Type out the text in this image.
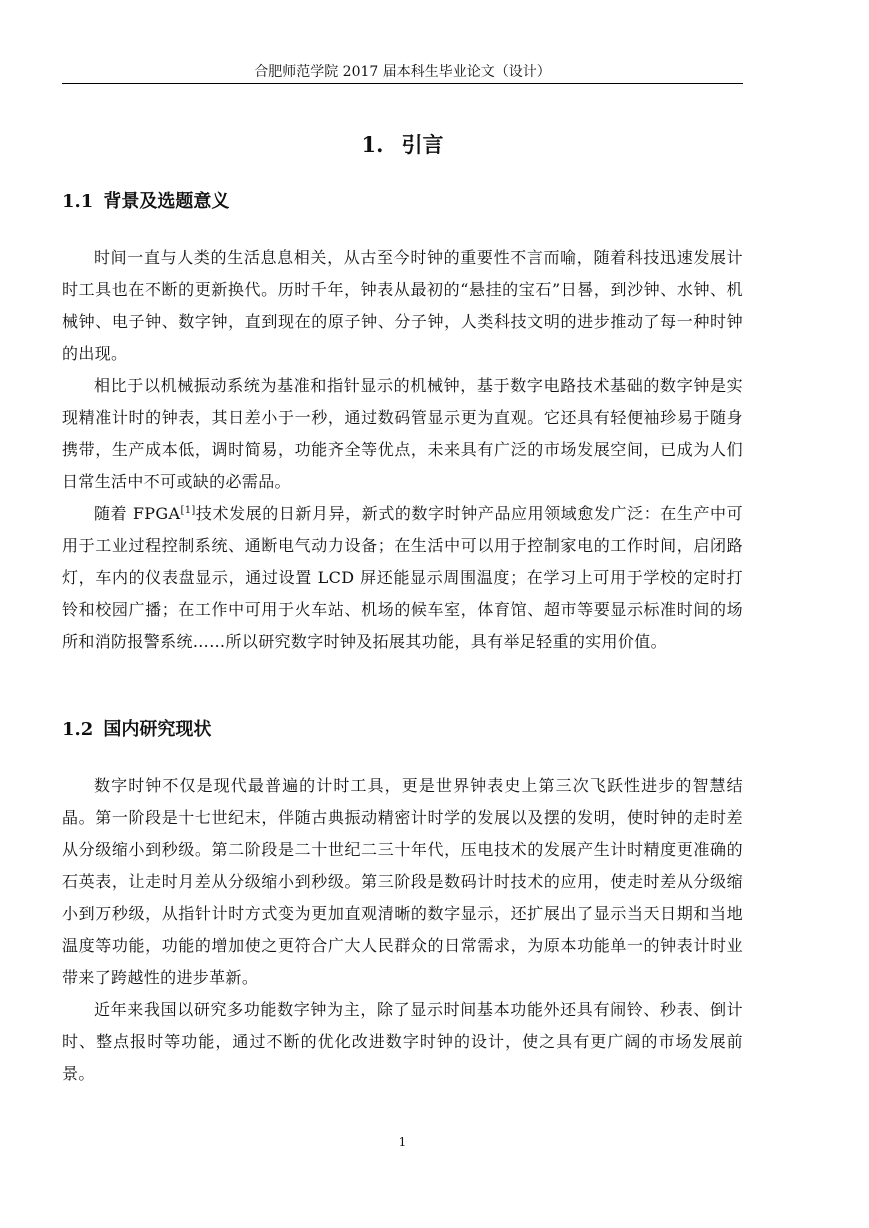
合肥师范学院 2017 届本科生毕业论文（设计）
1. 引言
1.1 背景及选题意义

时间一直与人类的生活息息相关，从古至今时钟的重要性不言而喻，随着科技迅速发展计时工具也在不断的更新换代。历时千年，钟表从最初的“悬挂的宝石”日晷，到沙钟、水钟、机械钟、电子钟、数字钟，直到现在的原子钟、分子钟，人类科技文明的进步推动了每一种时钟的出现。

相比于以机械振动系统为基准和指针显示的机械钟，基于数字电路技术基础的数字钟是实现精准计时的钟表，其日差小于一秒，通过数码管显示更为直观。它还具有轻便袖珍易于随身携带，生产成本低，调时简易，功能齐全等优点，未来具有广泛的市场发展空间，已成为人们日常生活中不可或缺的必需品。

随着 FPGA[1]技术发展的日新月异，新式的数字时钟产品应用领域愈发广泛：在生产中可用于工业过程控制系统、通断电气动力设备；在生活中可以用于控制家电的工作时间，启闭路灯，车内的仪表盘显示，通过设置 LCD 屏还能显示周围温度；在学习上可用于学校的定时打铃和校园广播；在工作中可用于火车站、机场的候车室，体育馆、超市等要显示标准时间的场所和消防报警系统……所以研究数字时钟及拓展其功能，具有举足轻重的实用价值。

1.2 国内研究现状

数字时钟不仅是现代最普遍的计时工具，更是世界钟表史上第三次飞跃性进步的智慧结晶。第一阶段是十七世纪末，伴随古典振动精密计时学的发展以及摆的发明，使时钟的走时差从分级缩小到秒级。第二阶段是二十世纪二三十年代，压电技术的发展产生计时精度更准确的石英表，让走时月差从分级缩小到秒级。第三阶段是数码计时技术的应用，使走时差从分级缩小到万秒级，从指针计时方式变为更加直观清晰的数字显示，还扩展出了显示当天日期和当地温度等功能，功能的增加使之更符合广大人民群众的日常需求，为原本功能单一的钟表计时业带来了跨越性的进步革新。

近年来我国以研究多功能数字钟为主，除了显示时间基本功能外还具有闹铃、秒表、倒计时、整点报时等功能，通过不断的优化改进数字时钟的设计，使之具有更广阔的市场发展前景。

1
